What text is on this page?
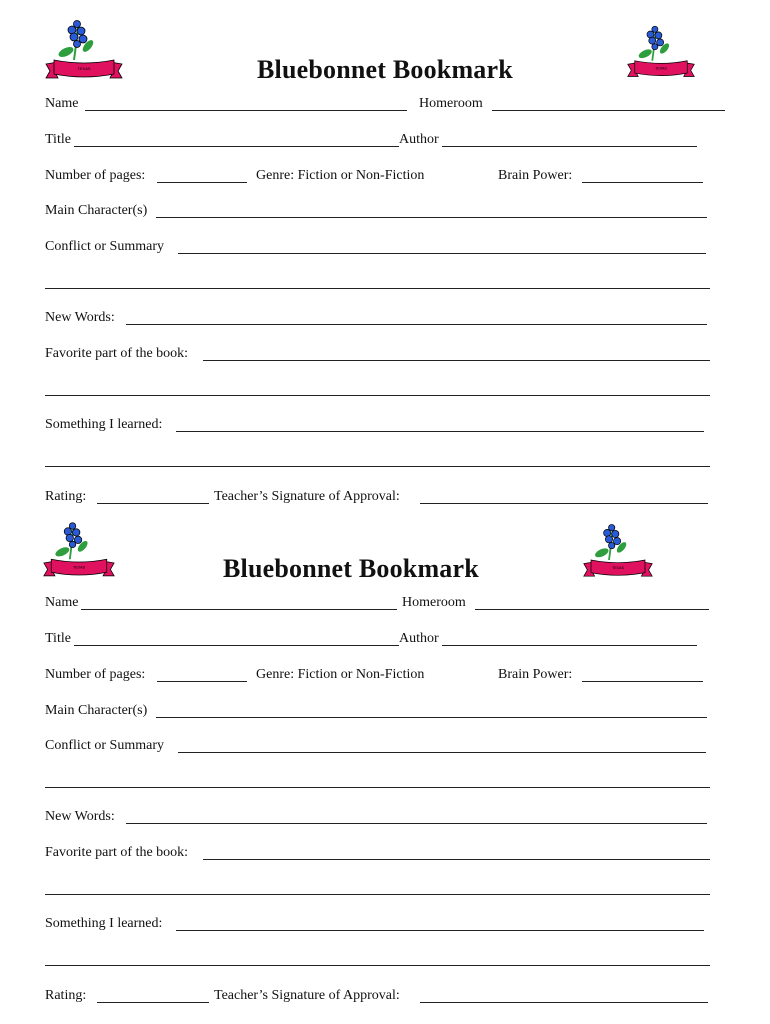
TEXAS	TEXAS
Bluebonnet Bookmark
Name	Homeroom
Title	Author
Number of pages:	Genre: Fiction or Non-Fiction	Brain Power:
Main Character(s)
Conflict or Summary
New Words:
Favorite part of the book:
Something I learned:
Rating:	Teacher’s Signature of Approval:
TEXAS	TEXAS
Bluebonnet Bookmark
Name	Homeroom
Title	Author
Number of pages:	Genre: Fiction or Non-Fiction	Brain Power:
Main Character(s)
Conflict or Summary
New Words:
Favorite part of the book:
Something I learned:
Rating:	Teacher’s Signature of Approval:
